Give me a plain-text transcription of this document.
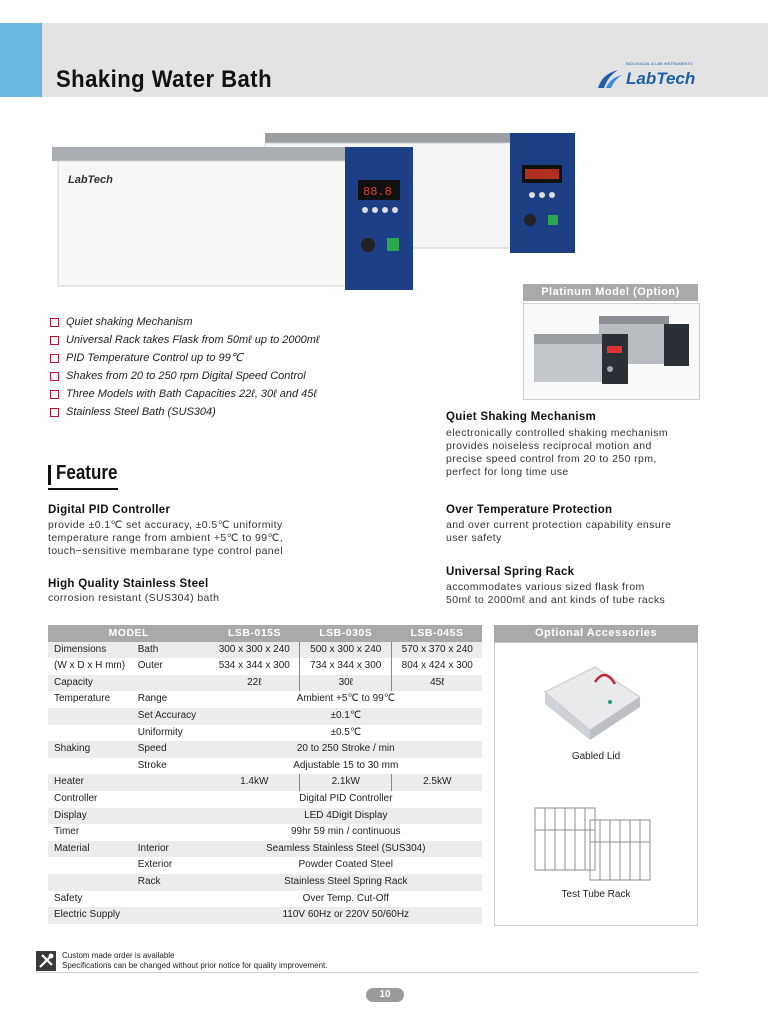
Shaking Water Bath
BIOLOGICAL & LAB INSTRUMENTS
LabTech
LabTech
88.8
Platinum Model (Option)
Quiet shaking Mechanism
Universal Rack takes Flask from 50mℓ up to 2000mℓ
PID Temperature Control up to 99℃
Shakes from 20 to 250 rpm Digital Speed Control
Three Models with Bath Capacities 22ℓ, 30ℓ and 45ℓ
Stainless Steel Bath (SUS304)
Feature
Quiet Shaking Mechanism
electronically controlled shaking mechanism
provides noiseless reciprocal motion and
precise speed control from 20 to 250 rpm,
perfect for long time use
Digital PID Controller
provide ±0.1℃ set accuracy, ±0.5℃ uniformity
temperature range from ambient +5℃ to 99℃,
touch−sensitive membarane type control panel
Over Temperature Protection
and over current protection capability ensure
user safety
High Quality Stainless Steel
corrosion resistant (SUS304) bath
Universal Spring Rack
accommodates various sized flask from
50mℓ to 2000mℓ and ant kinds of tube racks
MODEL		LSB-015S	LSB-030S	LSB-045S
Dimensions	Bath	300 x 300 x 240	500 x 300 x 240	570 x 370 x 240
(W x D x H mm)	Outer	534 x 344 x 300	734 x 344 x 300	804 x 424 x 300
Capacity		22ℓ	30ℓ	45ℓ
Temperature	Range	Ambient +5℃ to 99℃		
	Set Accuracy	±0.1℃		
	Uniformity	±0.5℃		
Shaking	Speed	20 to 250 Stroke / min		
	Stroke	Adjustable 15 to 30 mm		
Heater		1.4kW	2.1kW	2.5kW
Controller		Digital PID Controller		
Display		LED 4Digit Display		
Timer		99hr 59 min / continuous		
Material	Interior	Seamless Stainless Steel (SUS304)		
	Exterior	Powder Coated Steel		
	Rack	Stainless Steel Spring Rack		
Safety		Over Temp. Cut-Off		
Electric Supply		110V 60Hz or 220V 50/60Hz		
Optional Accessories
Gabled Lid
Test Tube Rack
Custom made order is available
Specifications can be changed without prior notice for quality improvement.
10
